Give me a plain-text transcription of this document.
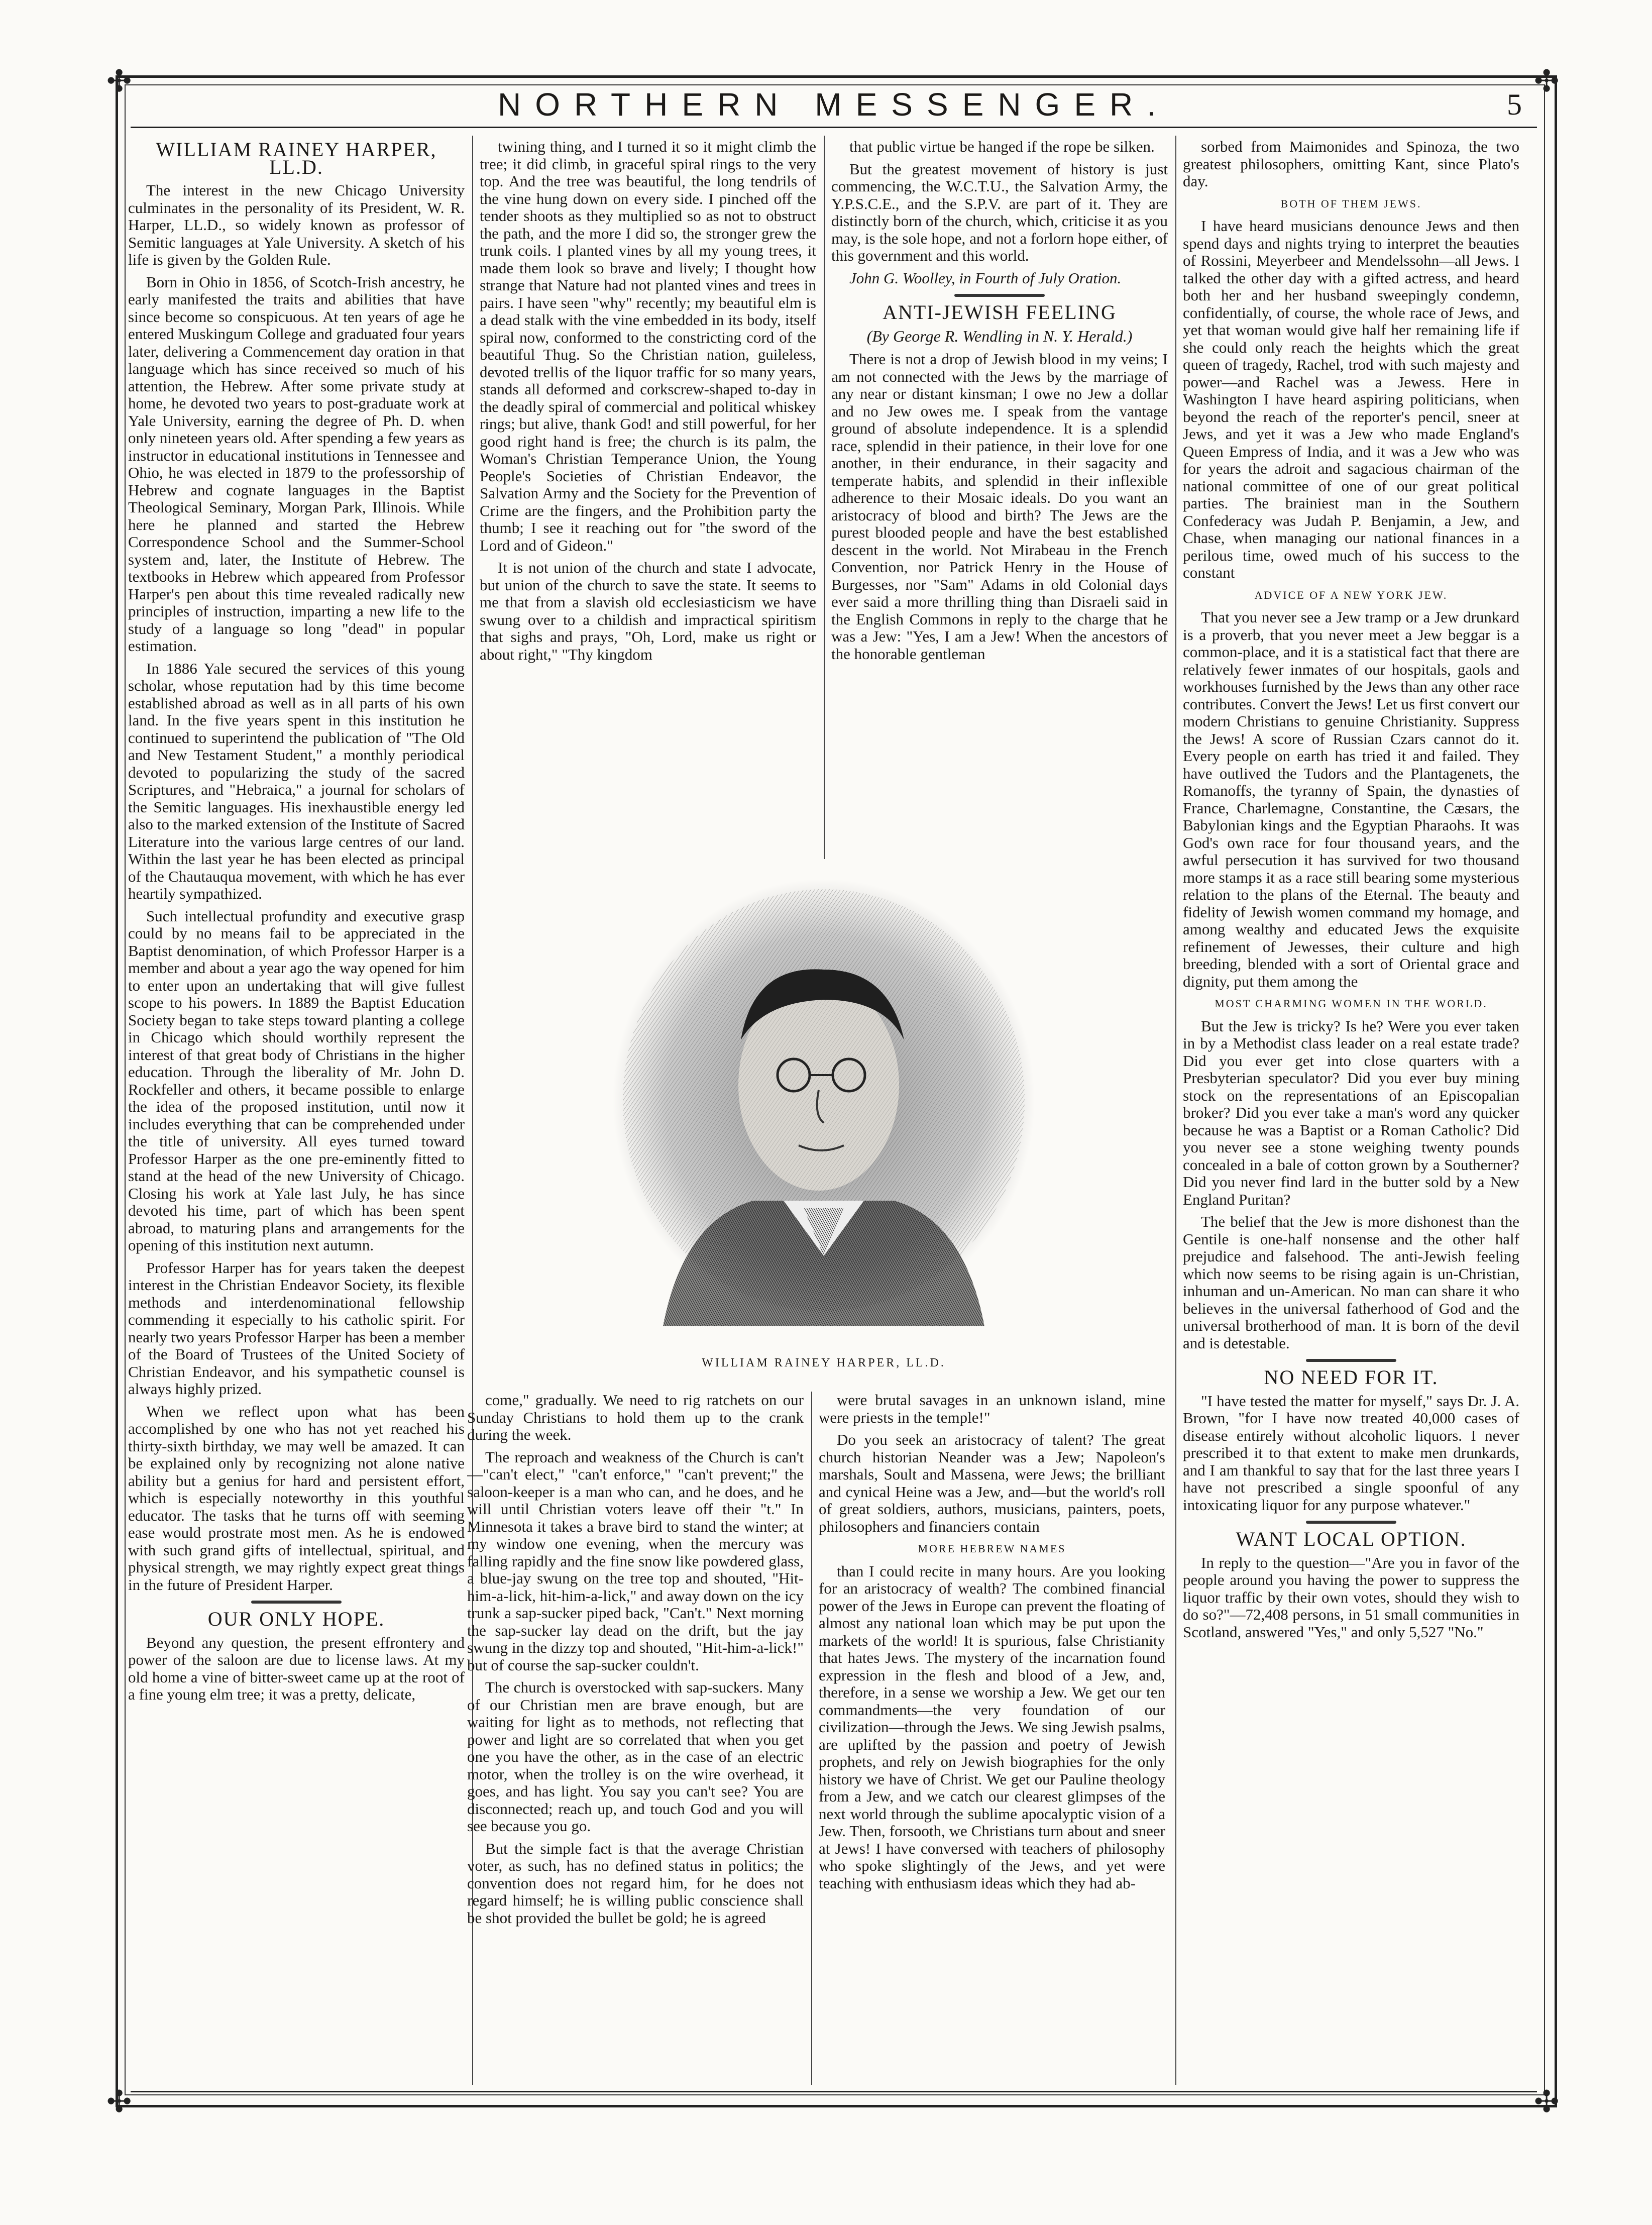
✣	✣
✣	✣
NORTHERN MESSENGER.	5
WILLIAM RAINEY HARPER, LL.D.

The interest in the new Chicago University culminates in the personality of its President, W. R. Harper, LL.D., so widely known as professor of Semitic languages at Yale University. A sketch of his life is given by the Golden Rule.

Born in Ohio in 1856, of Scotch-Irish ancestry, he early manifested the traits and abilities that have since become so conspicuous. At ten years of age he entered Muskingum College and graduated four years later, delivering a Commencement day oration in that language which has since received so much of his attention, the Hebrew. After some private study at home, he devoted two years to post-graduate work at Yale University, earning the degree of Ph. D. when only nineteen years old. After spending a few years as instructor in educational institutions in Tennessee and Ohio, he was elected in 1879 to the professorship of Hebrew and cognate languages in the Baptist Theological Seminary, Morgan Park, Illinois. While here he planned and started the Hebrew Correspondence School and the Summer-School system and, later, the Institute of Hebrew. The textbooks in Hebrew which appeared from Professor Harper's pen about this time revealed radically new principles of instruction, imparting a new life to the study of a language so long "dead" in popular estimation.

In 1886 Yale secured the services of this young scholar, whose reputation had by this time become established abroad as well as in all parts of his own land. In the five years spent in this institution he continued to superintend the publication of "The Old and New Testament Student," a monthly periodical devoted to popularizing the study of the sacred Scriptures, and "Hebraica," a journal for scholars of the Semitic languages. His inexhaustible energy led also to the marked extension of the Institute of Sacred Literature into the various large centres of our land. Within the last year he has been elected as principal of the Chautauqua movement, with which he has ever heartily sympathized.

Such intellectual profundity and executive grasp could by no means fail to be appreciated in the Baptist denomination, of which Professor Harper is a member and about a year ago the way opened for him to enter upon an undertaking that will give fullest scope to his powers. In 1889 the Baptist Education Society began to take steps toward planting a college in Chicago which should worthily represent the interest of that great body of Christians in the higher education. Through the liberality of Mr. John D. Rockfeller and others, it became possible to enlarge the idea of the proposed institution, until now it includes everything that can be comprehended under the title of university. All eyes turned toward Professor Harper as the one pre-eminently fitted to stand at the head of the new University of Chicago. Closing his work at Yale last July, he has since devoted his time, part of which has been spent abroad, to maturing plans and arrangements for the opening of this institution next autumn.

Professor Harper has for years taken the deepest interest in the Christian Endeavor Society, its flexible methods and interdenominational fellowship commending it especially to his catholic spirit. For nearly two years Professor Harper has been a member of the Board of Trustees of the United Society of Christian Endeavor, and his sympathetic counsel is always highly prized.

When we reflect upon what has been accomplished by one who has not yet reached his thirty-sixth birthday, we may well be amazed. It can be explained only by recognizing not alone native ability but a genius for hard and persistent effort, which is especially noteworthy in this youthful educator. The tasks that he turns off with seeming ease would prostrate most men. As he is endowed with such grand gifts of intellectual, spiritual, and physical strength, we may rightly expect great things in the future of President Harper.

OUR ONLY HOPE.

Beyond any question, the present effrontery and power of the saloon are due to license laws. At my old home a vine of bitter-sweet came up at the root of a fine young elm tree; it was a pretty, delicate,

twining thing, and I turned it so it might climb the tree; it did climb, in graceful spiral rings to the very top. And the tree was beautiful, the long tendrils of the vine hung down on every side. I pinched off the tender shoots as they multiplied so as not to obstruct the path, and the more I did so, the stronger grew the trunk coils. I planted vines by all my young trees, it made them look so brave and lively; I thought how strange that Nature had not planted vines and trees in pairs. I have seen "why" recently; my beautiful elm is a dead stalk with the vine embedded in its body, itself spiral now, conformed to the constricting cord of the beautiful Thug. So the Christian nation, guileless, devoted trellis of the liquor traffic for so many years, stands all deformed and corkscrew-shaped to-day in the deadly spiral of commercial and political whiskey rings; but alive, thank God! and still powerful, for her good right hand is free; the church is its palm, the Woman's Christian Temperance Union, the Young People's Societies of Christian Endeavor, the Salvation Army and the Society for the Prevention of Crime are the fingers, and the Prohibition party the thumb; I see it reaching out for "the sword of the Lord and of Gideon."

It is not union of the church and state I advocate, but union of the church to save the state. It seems to me that from a slavish old ecclesiasticism we have swung over to a childish and impractical spiritism that sighs and prays, "Oh, Lord, make us right or about right," "Thy kingdom

that public virtue be hanged if the rope be silken.

But the greatest movement of history is just commencing, the W.C.T.U., the Salvation Army, the Y.P.S.C.E., and the S.P.V. are part of it. They are distinctly born of the church, which, criticise it as you may, is the sole hope, and not a forlorn hope either, of this government and this world.

John G. Woolley, in Fourth of July Oration.

ANTI-JEWISH FEELING
(By George R. Wendling in N. Y. Herald.)

There is not a drop of Jewish blood in my veins; I am not connected with the Jews by the marriage of any near or distant kinsman; I owe no Jew a dollar and no Jew owes me. I speak from the vantage ground of absolute independence. It is a splendid race, splendid in their patience, in their love for one another, in their endurance, in their sagacity and temperate habits, and splendid in their inflexible adherence to their Mosaic ideals. Do you want an aristocracy of blood and birth? The Jews are the purest blooded people and have the best established descent in the world. Not Mirabeau in the French Convention, nor Patrick Henry in the House of Burgesses, nor "Sam" Adams in old Colonial days ever said a more thrilling thing than Disraeli said in the English Commons in reply to the charge that he was a Jew: "Yes, I am a Jew! When the ancestors of the honorable gentleman

sorbed from Maimonides and Spinoza, the two greatest philosophers, omitting Kant, since Plato's day.

BOTH OF THEM JEWS.

I have heard musicians denounce Jews and then spend days and nights trying to interpret the beauties of Rossini, Meyerbeer and Mendelssohn—all Jews. I talked the other day with a gifted actress, and heard both her and her husband sweepingly condemn, confidentially, of course, the whole race of Jews, and yet that woman would give half her remaining life if she could only reach the heights which the great queen of tragedy, Rachel, trod with such majesty and power—and Rachel was a Jewess. Here in Washington I have heard aspiring politicians, when beyond the reach of the reporter's pencil, sneer at Jews, and yet it was a Jew who made England's Queen Empress of India, and it was a Jew who was for years the adroit and sagacious chairman of the national committee of one of our great political parties. The brainiest man in the Southern Confederacy was Judah P. Benjamin, a Jew, and Chase, when managing our national finances in a perilous time, owed much of his success to the constant

ADVICE OF A NEW YORK JEW.

That you never see a Jew tramp or a Jew drunkard is a proverb, that you never meet a Jew beggar is a common-place, and it is a statistical fact that there are relatively fewer inmates of our hospitals, gaols and workhouses furnished by the Jews than any other race contributes. Convert the Jews! Let us first convert our modern Christians to genuine Christianity. Suppress the Jews! A score of Russian Czars cannot do it. Every people on earth has tried it and failed. They have outlived the Tudors and the Plantagenets, the Romanoffs, the tyranny of Spain, the dynasties of France, Charlemagne, Constantine, the Cæsars, the Babylonian kings and the Egyptian Pharaohs. It was God's own race for four thousand years, and the awful persecution it has survived for two thousand more stamps it as a race still bearing some mysterious relation to the plans of the Eternal. The beauty and fidelity of Jewish women command my homage, and among wealthy and educated Jews the exquisite refinement of Jewesses, their culture and high breeding, blended with a sort of Oriental grace and dignity, put them among the

MOST CHARMING WOMEN IN THE WORLD.

But the Jew is tricky? Is he? Were you ever taken in by a Methodist class leader on a real estate trade? Did you ever get into close quarters with a Presbyterian speculator? Did you ever buy mining stock on the representations of an Episcopalian broker? Did you ever take a man's word any quicker because he was a Baptist or a Roman Catholic? Did you never see a stone weighing twenty pounds concealed in a bale of cotton grown by a Southerner? Did you never find lard in the butter sold by a New England Puritan?

The belief that the Jew is more dishonest than the Gentile is one-half nonsense and the other half prejudice and falsehood. The anti-Jewish feeling which now seems to be rising again is un-Christian, inhuman and un-American. No man can share it who believes in the universal fatherhood of God and the universal brotherhood of man. It is born of the devil and is detestable.

NO NEED FOR IT.

"I have tested the matter for myself," says Dr. J. A. Brown, "for I have now treated 40,000 cases of disease entirely without alcoholic liquors. I never prescribed it to that extent to make men drunkards, and I am thankful to say that for the last three years I have not prescribed a single spoonful of any intoxicating liquor for any purpose whatever."

WANT LOCAL OPTION.

In reply to the question—"Are you in favor of the people around you having the power to suppress the liquor traffic by their own votes, should they wish to do so?"—72,408 persons, in 51 small communities in Scotland, answered "Yes," and only 5,527 "No."

WILLIAM RAINEY HARPER, LL.D.

come," gradually. We need to rig ratchets on our Sunday Christians to hold them up to the crank during the week.

The reproach and weakness of the Church is can't—"can't elect," "can't enforce," "can't prevent;" the saloon-keeper is a man who can, and he does, and he will until Christian voters leave off their "t." In Minnesota it takes a brave bird to stand the winter; at my window one evening, when the mercury was falling rapidly and the fine snow like powdered glass, a blue-jay swung on the tree top and shouted, "Hit-him-a-lick, hit-him-a-lick," and away down on the icy trunk a sap-sucker piped back, "Can't." Next morning the sap-sucker lay dead on the drift, but the jay swung in the dizzy top and shouted, "Hit-him-a-lick!" but of course the sap-sucker couldn't.

The church is overstocked with sap-suckers. Many of our Christian men are brave enough, but are waiting for light as to methods, not reflecting that power and light are so correlated that when you get one you have the other, as in the case of an electric motor, when the trolley is on the wire overhead, it goes, and has light. You say you can't see? You are disconnected; reach up, and touch God and you will see because you go.

But the simple fact is that the average Christian voter, as such, has no defined status in politics; the convention does not regard him, for he does not regard himself; he is willing public conscience shall be shot provided the bullet be gold; he is agreed

were brutal savages in an unknown island, mine were priests in the temple!"

Do you seek an aristocracy of talent? The great church historian Neander was a Jew; Napoleon's marshals, Soult and Massena, were Jews; the brilliant and cynical Heine was a Jew, and—but the world's roll of great soldiers, authors, musicians, painters, poets, philosophers and financiers contain

MORE HEBREW NAMES

than I could recite in many hours. Are you looking for an aristocracy of wealth? The combined financial power of the Jews in Europe can prevent the floating of almost any national loan which may be put upon the markets of the world! It is spurious, false Christianity that hates Jews. The mystery of the incarnation found expression in the flesh and blood of a Jew, and, therefore, in a sense we worship a Jew. We get our ten commandments—the very foundation of our civilization—through the Jews. We sing Jewish psalms, are uplifted by the passion and poetry of Jewish prophets, and rely on Jewish biographies for the only history we have of Christ. We get our Pauline theology from a Jew, and we catch our clearest glimpses of the next world through the sublime apocalyptic vision of a Jew. Then, forsooth, we Christians turn about and sneer at Jews! I have conversed with teachers of philosophy who spoke slightingly of the Jews, and yet were teaching with enthusiasm ideas which they had ab-
